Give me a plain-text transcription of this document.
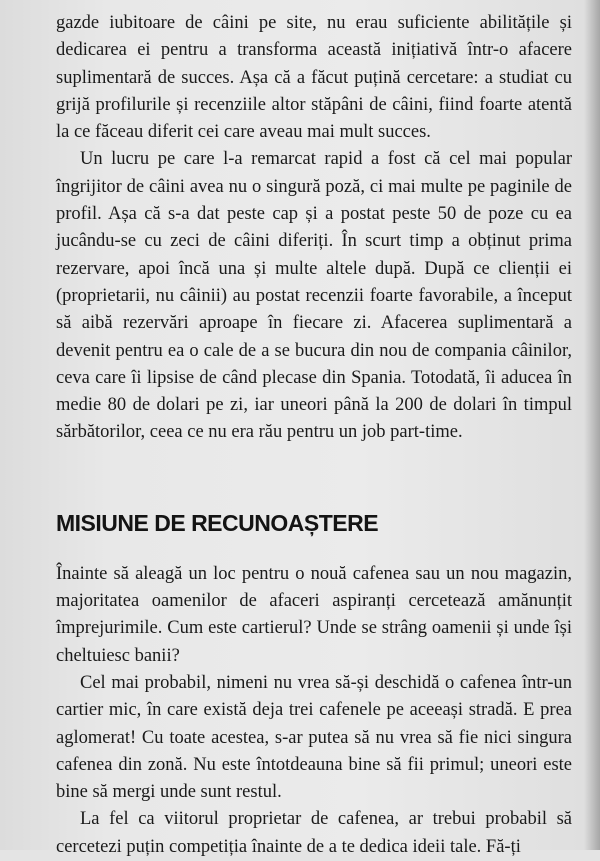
gazde iubitoare de câini pe site, nu erau suficiente abilitățile și dedicarea ei pentru a transforma această inițiativă într-o afacere suplimentară de succes. Așa că a făcut puțină cercetare: a studiat cu grijă profilurile și recenziile altor stăpâni de câini, fiind foarte atentă la ce făceau diferit cei care aveau mai mult succes.

Un lucru pe care l-a remarcat rapid a fost că cel mai popular îngrijitor de câini avea nu o singură poză, ci mai multe pe paginile de profil. Așa că s-a dat peste cap și a postat peste 50 de poze cu ea jucându-se cu zeci de câini diferiți. În scurt timp a obținut prima rezervare, apoi încă una și multe altele după. După ce clienții ei (proprietarii, nu câinii) au postat recenzii foarte favorabile, a început să aibă rezervări aproape în fiecare zi. Afacerea suplimentară a devenit pentru ea o cale de a se bucura din nou de compania câinilor, ceva care îi lipsise de când plecase din Spania. Totodată, îi aducea în medie 80 de dolari pe zi, iar uneori până la 200 de dolari în timpul sărbătorilor, ceea ce nu era rău pentru un job part-time.

MISIUNE DE RECUNOAȘTERE

Înainte să aleagă un loc pentru o nouă cafenea sau un nou magazin, majoritatea oamenilor de afaceri aspiranți cercetează amănunțit împrejurimile. Cum este cartierul? Unde se strâng oamenii și unde își cheltuiesc banii?

Cel mai probabil, nimeni nu vrea să-și deschidă o cafenea într-un cartier mic, în care există deja trei cafenele pe aceeași stradă. E prea aglomerat! Cu toate acestea, s-ar putea să nu vrea să fie nici singura cafenea din zonă. Nu este întotdeauna bine să fii primul; uneori este bine să mergi unde sunt restul.

La fel ca viitorul proprietar de cafenea, ar trebui probabil să cercetezi puțin competiția înainte de a te dedica ideii tale. Fă-ți
